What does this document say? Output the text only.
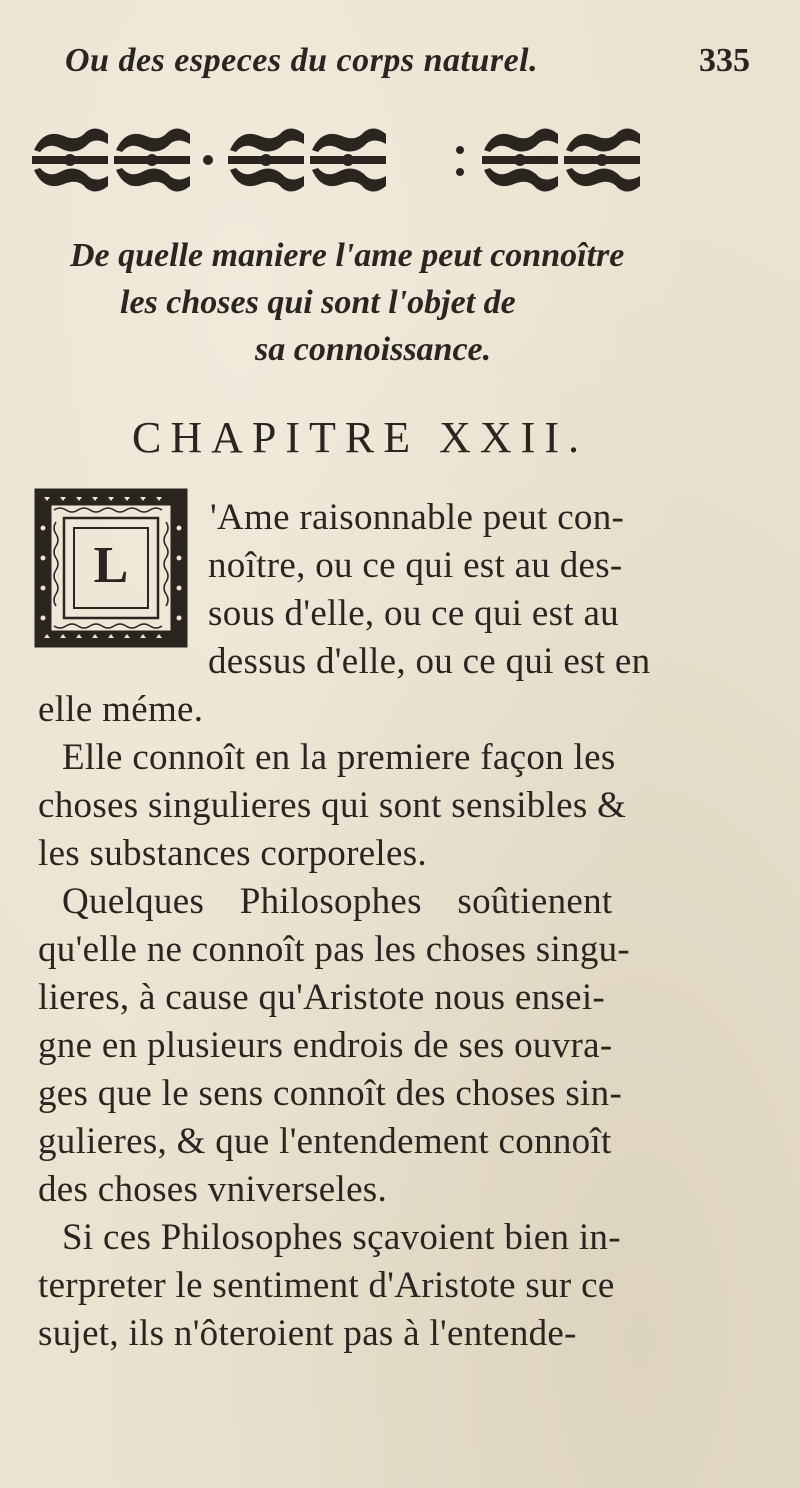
Ou des especes du corps naturel.	335
De quelle maniere l'ame peut connoître
les choses qui sont l'objet de
sa connoissance.
CHAPITRE XXII.
L
'Ame raisonnable peut con-
noître, ou ce qui est au des-
sous d'elle, ou ce qui est au
dessus d'elle, ou ce qui est en
elle méme.
Elle connoît en la premiere façon les
choses singulieres qui sont sensibles &
les substances corporeles.
Quelques Philosophes soûtienent
qu'elle ne connoît pas les choses singu-
lieres, à cause qu'Aristote nous ensei-
gne en plusieurs endrois de ses ouvra-
ges que le sens connoît des choses sin-
gulieres, & que l'entendement connoît
des choses vniverseles.
Si ces Philosophes sçavoient bien in-
terpreter le sentiment d'Aristote sur ce
sujet, ils n'ôteroient pas à l'entende-
